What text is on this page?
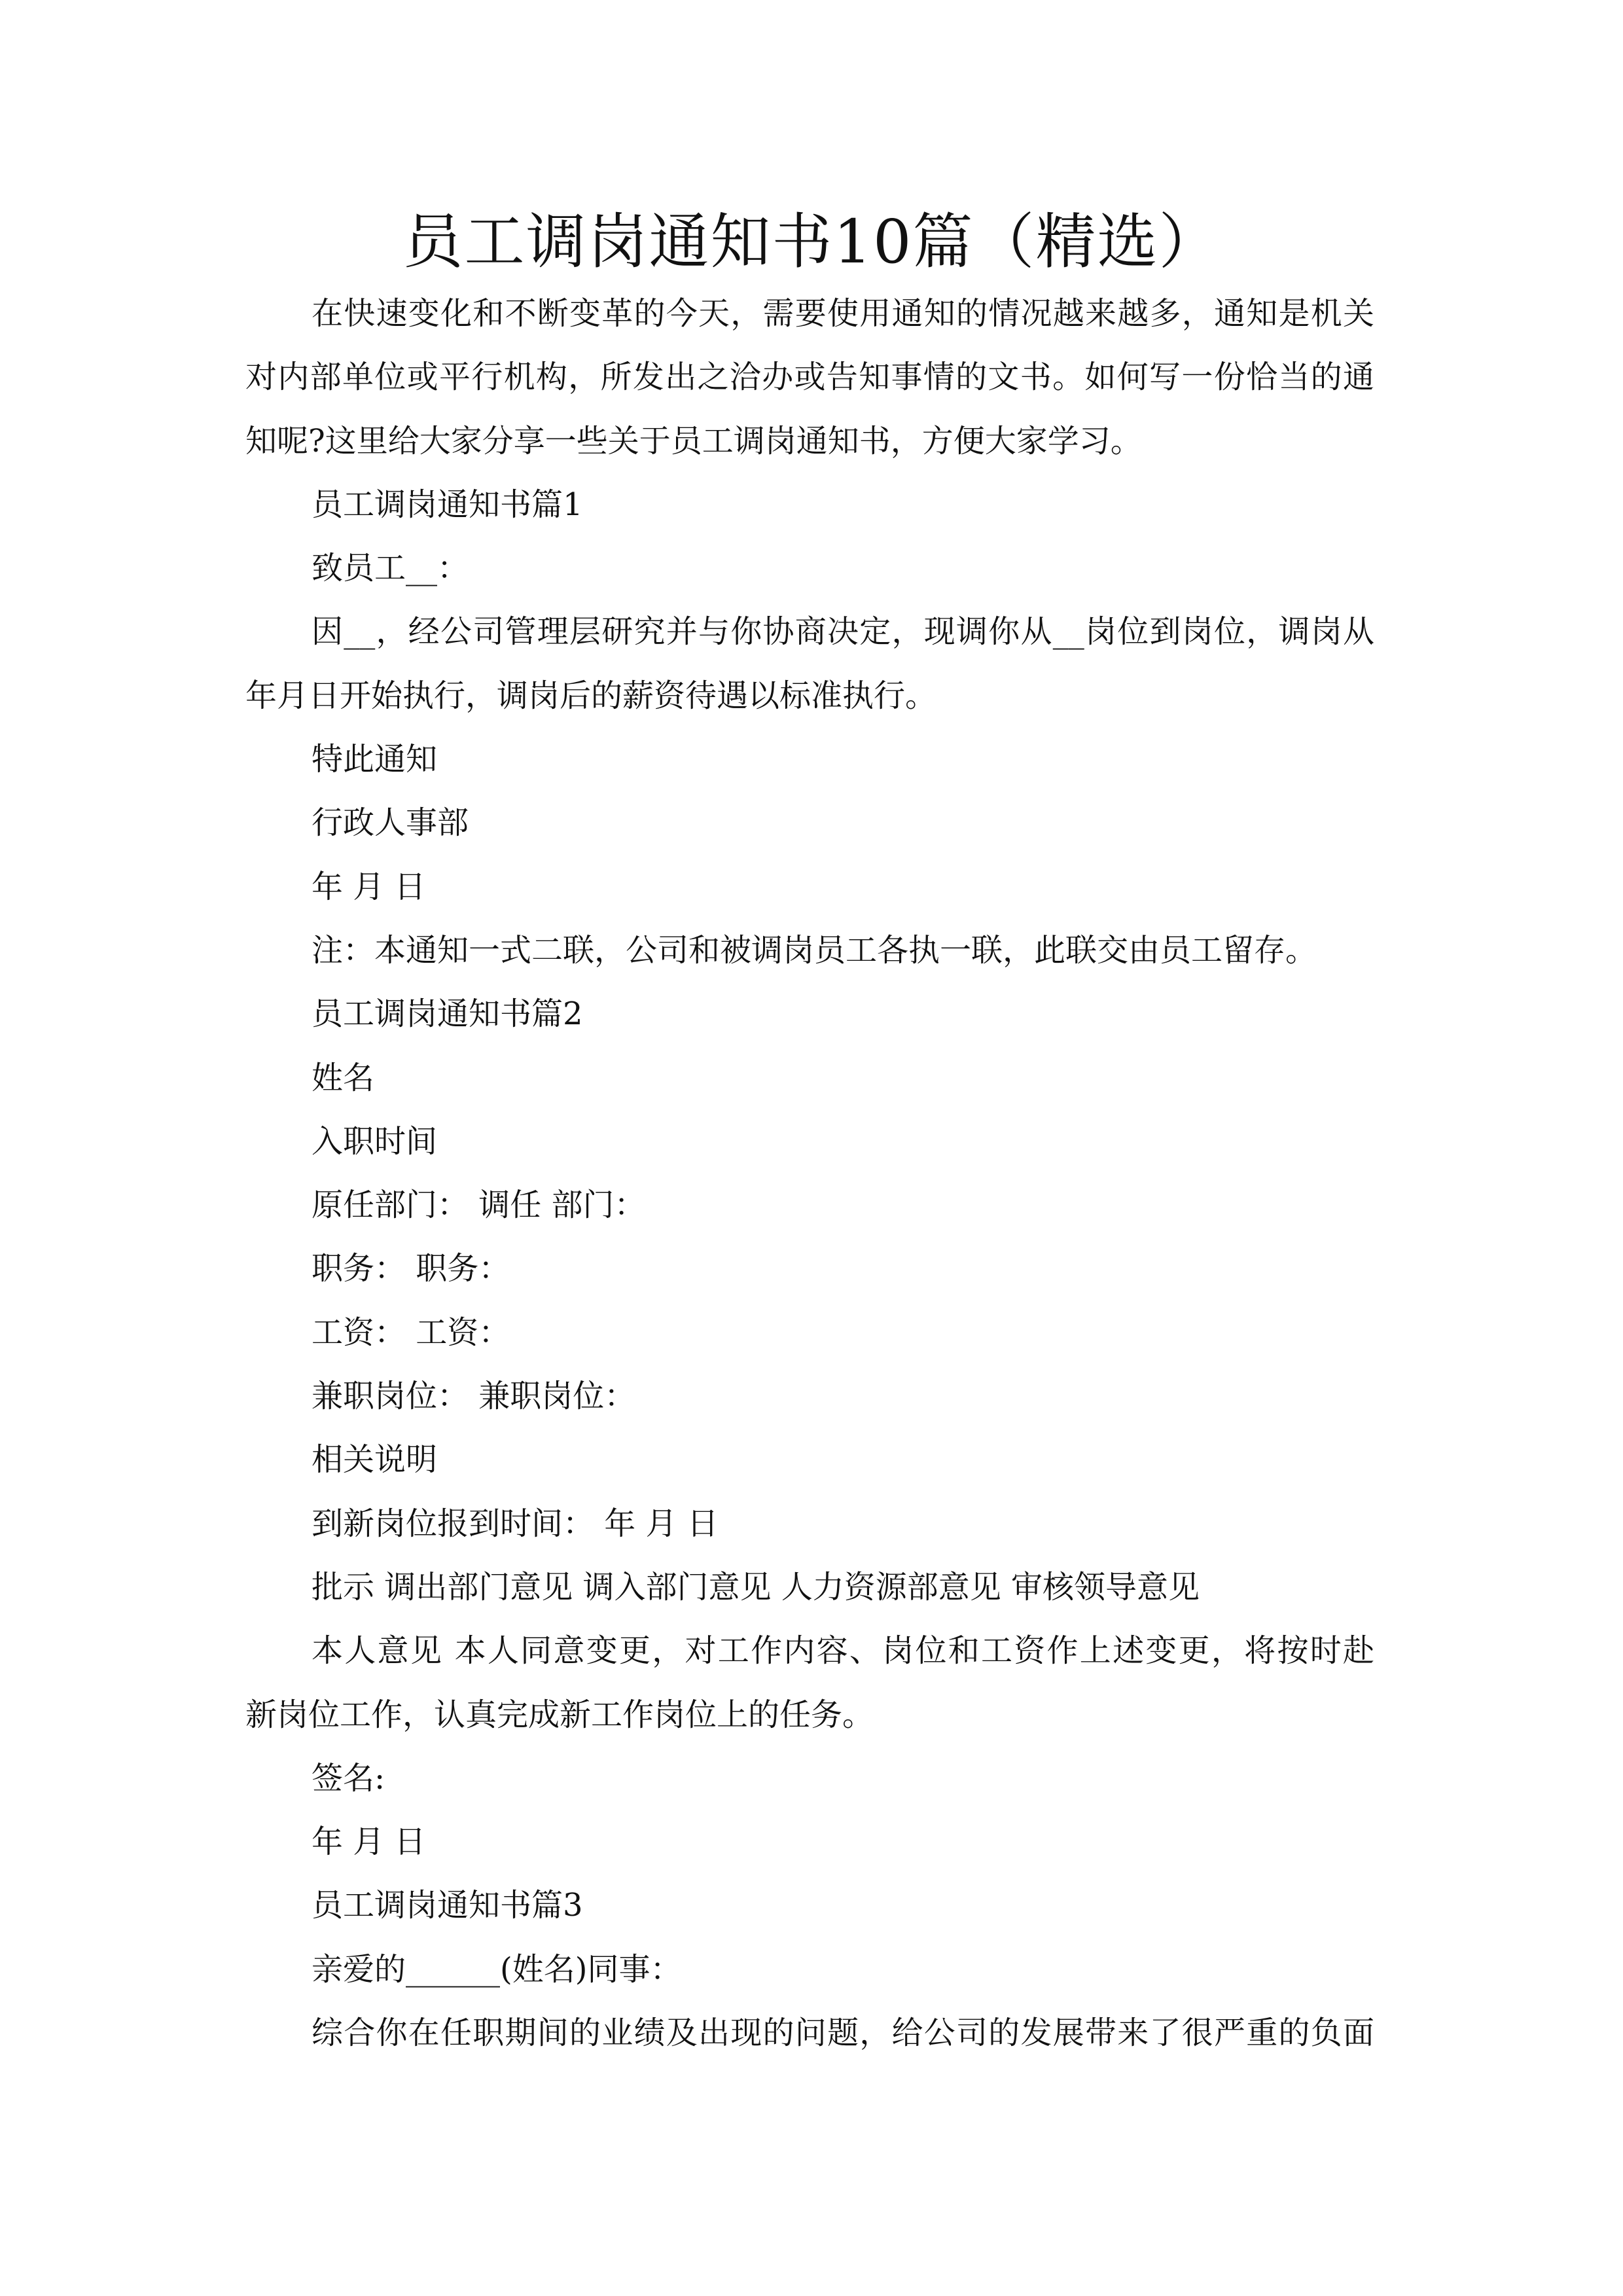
员工调岗通知书10篇（精选）
在快速变化和不断变革的今天，需要使用通知的情况越来越多，通知是机关
对内部单位或平行机构，所发出之洽办或告知事情的文书。如何写一份恰当的通
知呢?这里给大家分享一些关于员工调岗通知书，方便大家学习。
员工调岗通知书篇1
致员工__：
因__，经公司管理层研究并与你协商决定，现调你从__岗位到岗位，调岗从
年月日开始执行，调岗后的薪资待遇以标准执行。
特此通知
行政人事部
年 月 日
注：本通知一式二联，公司和被调岗员工各执一联，此联交由员工留存。
员工调岗通知书篇2
姓名
入职时间
原任部门： 调任 部门：
职务： 职务：
工资： 工资：
兼职岗位： 兼职岗位：
相关说明
到新岗位报到时间： 年 月 日
批示 调出部门意见 调入部门意见 人力资源部意见 审核领导意见
本人意见 本人同意变更，对工作内容、岗位和工资作上述变更，将按时赴
新岗位工作，认真完成新工作岗位上的任务。
签名:
年 月 日
员工调岗通知书篇3
亲爱的______(姓名)同事：
综合你在任职期间的业绩及出现的问题，给公司的发展带来了很严重的负面
